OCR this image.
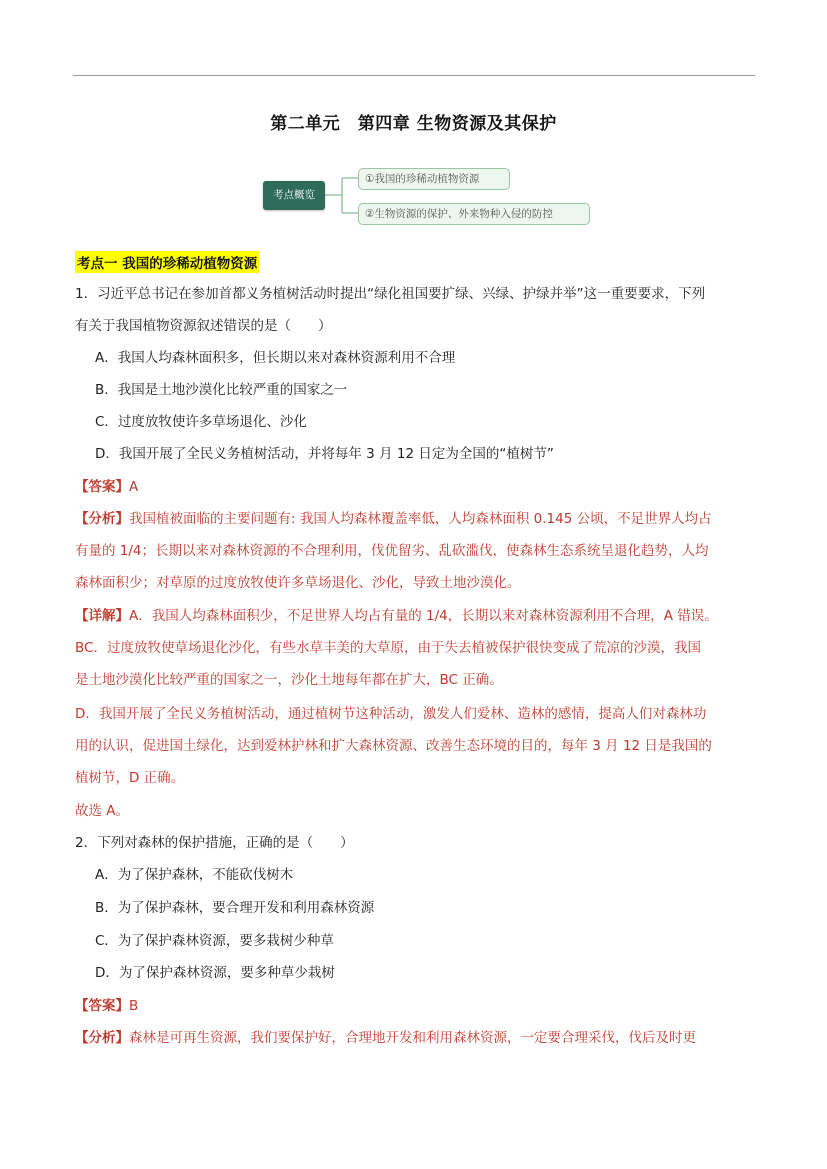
第二单元　第四章 生物资源及其保护
考点概览
①我国的珍稀动植物资源
②生物资源的保护、外来物种入侵的防控
考点一 我国的珍稀动植物资源
1．习近平总书记在参加首都义务植树活动时提出“绿化祖国要扩绿、兴绿、护绿并举”这一重要要求，下列
有关于我国植物资源叙述错误的是（　　）
A．我国人均森林面积多，但长期以来对森林资源利用不合理
B．我国是土地沙漠化比较严重的国家之一
C．过度放牧使许多草场退化、沙化
D．我国开展了全民义务植树活动，并将每年 3 月 12 日定为全国的“植树节”
【答案】A
【分析】我国植被面临的主要问题有: 我国人均森林覆盖率低，人均森林面积 0.145 公顷，不足世界人均占
有量的 1/4；长期以来对森林资源的不合理利用，伐优留劣、乱砍滥伐，使森林生态系统呈退化趋势，人均
森林面积少；对草原的过度放牧使许多草场退化、沙化，导致土地沙漠化。
【详解】A．我国人均森林面积少，不足世界人均占有量的 1/4，长期以来对森林资源利用不合理，A 错误。
BC．过度放牧使草场退化沙化，有些水草丰美的大草原，由于失去植被保护很快变成了荒凉的沙漠，我国
是土地沙漠化比较严重的国家之一，沙化土地每年都在扩大，BC 正确。
D．我国开展了全民义务植树活动，通过植树节这种活动，激发人们爱林、造林的感情，提高人们对森林功
用的认识，促进国土绿化，达到爱林护林和扩大森林资源、改善生态环境的目的，每年 3 月 12 日是我国的
植树节，D 正确。
故选 A。
2．下列对森林的保护措施，正确的是（　　）
A．为了保护森林，不能砍伐树木
B．为了保护森林，要合理开发和利用森林资源
C．为了保护森林资源，要多栽树少种草
D．为了保护森林资源，要多种草少栽树
【答案】B
【分析】森林是可再生资源，我们要保护好，合理地开发和利用森林资源，一定要合理采伐，伐后及时更
